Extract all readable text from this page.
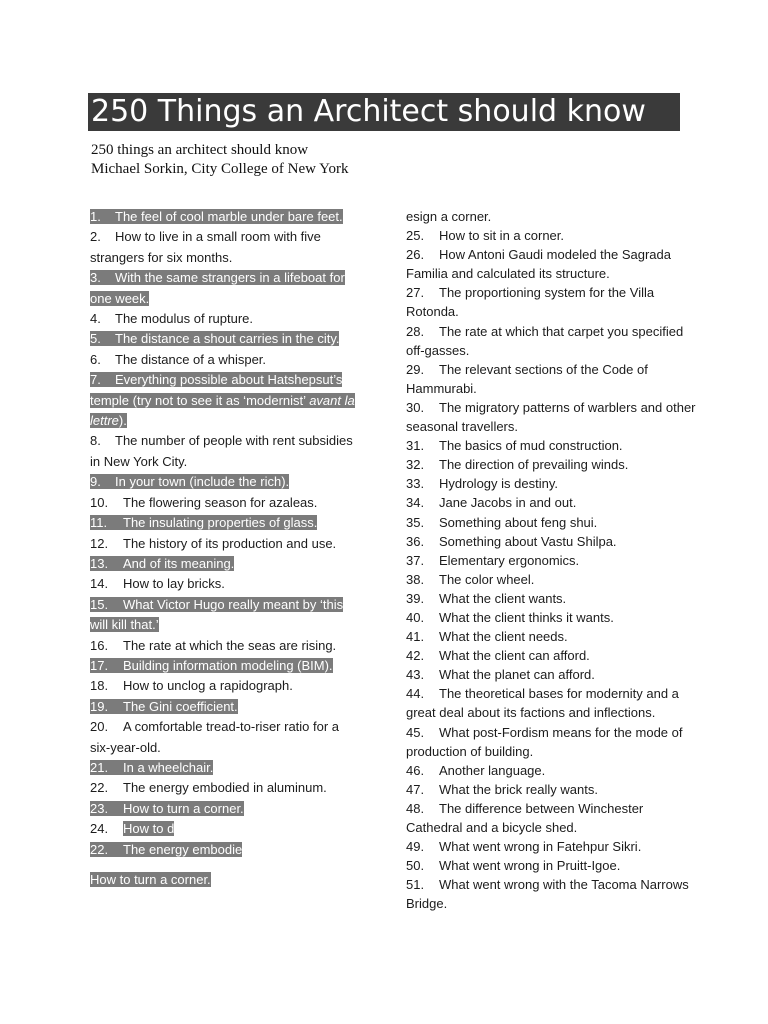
250 Things an Architect should know
250 things an architect should know
Michael Sorkin, City College of New York
1. The feel of cool marble under bare feet.
2. How to live in a small room with five strangers for six months.
3. With the same strangers in a lifeboat for one week.
4. The modulus of rupture.
5. The distance a shout carries in the city.
6. The distance of a whisper.
7. Everything possible about Hatshepsut’s temple (try not to see it as ‘modernist’ avant la lettre).
8. The number of people with rent subsidies in New York City.
9. In your town (include the rich).
10. The flowering season for azaleas.
11. The insulating properties of glass.
12. The history of its production and use.
13. And of its meaning.
14. How to lay bricks.
15. What Victor Hugo really meant by ‘this will kill that.’
16. The rate at which the seas are rising.
17. Building information modeling (BIM).
18. How to unclog a rapidograph.
19. The Gini coefficient.
20. A comfortable tread-to-riser ratio for a six-year-old.
21. In a wheelchair.
22. The energy embodied in aluminum.
23. How to turn a corner.
24. How to d
22. The energy embodie
How to turn a corner.
esign a corner.
25. How to sit in a corner.
26. How Antoni Gaudi modeled the Sagrada Familia and calculated its structure.
27. The proportioning system for the Villa Rotonda.
28. The rate at which that carpet you specified off-gasses.
29. The relevant sections of the Code of Hammurabi.
30. The migratory patterns of warblers and other seasonal travellers.
31. The basics of mud construction.
32. The direction of prevailing winds.
33. Hydrology is destiny.
34. Jane Jacobs in and out.
35. Something about feng shui.
36. Something about Vastu Shilpa.
37. Elementary ergonomics.
38. The color wheel.
39. What the client wants.
40. What the client thinks it wants.
41. What the client needs.
42. What the client can afford.
43. What the planet can afford.
44. The theoretical bases for modernity and a great deal about its factions and inflections.
45. What post-Fordism means for the mode of production of building.
46. Another language.
47. What the brick really wants.
48. The difference between Winchester Cathedral and a bicycle shed.
49. What went wrong in Fatehpur Sikri.
50. What went wrong in Pruitt-Igoe.
51. What went wrong with the Tacoma Narrows Bridge.
